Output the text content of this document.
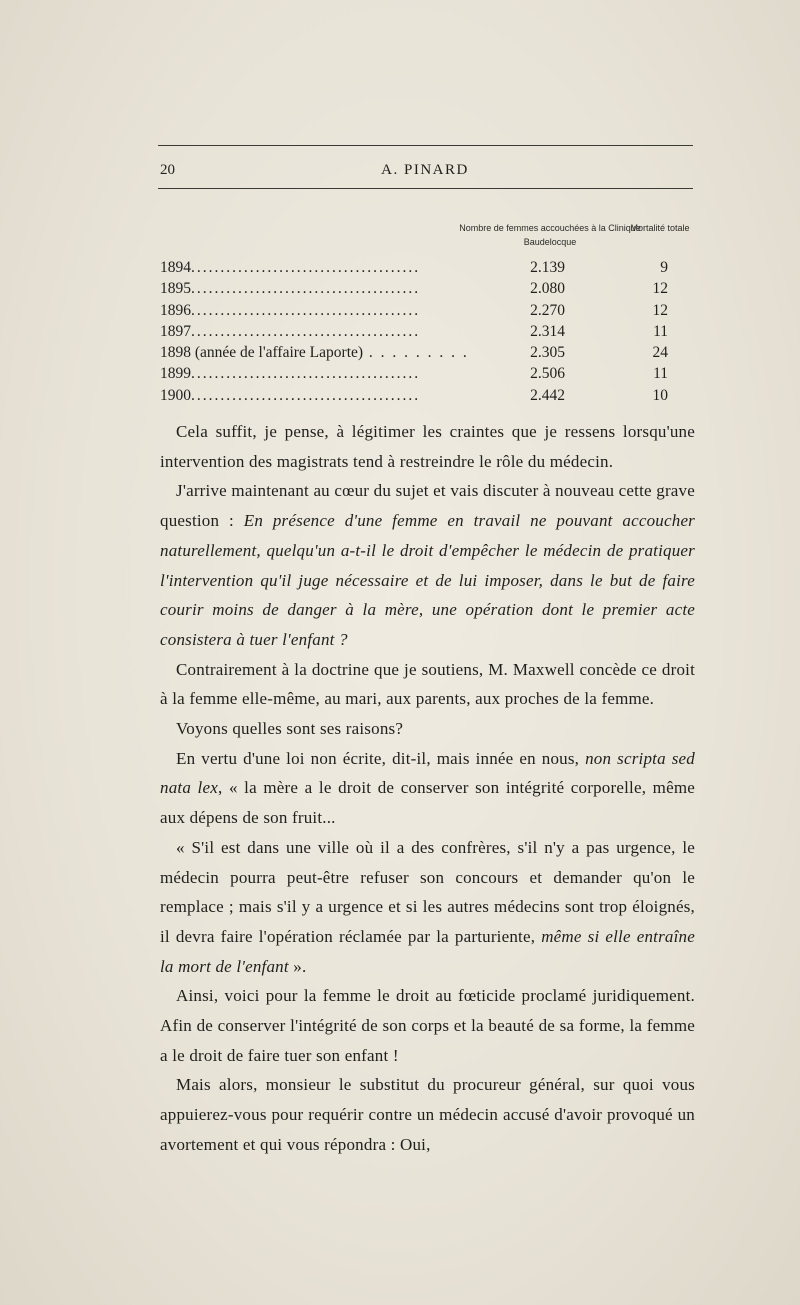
20	A. PINARD
Nombre de femmes accouchées à la Clinique Baudelocque
Mortalité totale
1894.......................................	2.139	9
1895.......................................	2.080	12
1896.......................................	2.270	12
1897.......................................	2.314	11
1898 (année de l'affaire Laporte) . . . . . . . . .	2.305	24
1899.......................................	2.506	11
1900.......................................	2.442	10

Cela suffit, je pense, à légitimer les craintes que je ressens lorsqu'une intervention des magistrats tend à restreindre le rôle du médecin.

J'arrive maintenant au cœur du sujet et vais discuter à nouveau cette grave question : En présence d'une femme en travail ne pouvant accoucher naturellement, quelqu'un a-t-il le droit d'empêcher le médecin de pratiquer l'intervention qu'il juge nécessaire et de lui imposer, dans le but de faire courir moins de danger à la mère, une opération dont le premier acte consistera à tuer l'enfant ?

Contrairement à la doctrine que je soutiens, M. Maxwell concède ce droit à la femme elle-même, au mari, aux parents, aux proches de la femme.

Voyons quelles sont ses raisons?

En vertu d'une loi non écrite, dit-il, mais innée en nous, non scripta sed nata lex, « la mère a le droit de conserver son intégrité corporelle, même aux dépens de son fruit...

« S'il est dans une ville où il a des confrères, s'il n'y a pas urgence, le médecin pourra peut-être refuser son concours et demander qu'on le remplace ; mais s'il y a urgence et si les autres médecins sont trop éloignés, il devra faire l'opération réclamée par la parturiente, même si elle entraîne la mort de l'enfant ».

Ainsi, voici pour la femme le droit au fœticide proclamé juridiquement. Afin de conserver l'intégrité de son corps et la beauté de sa forme, la femme a le droit de faire tuer son enfant !

Mais alors, monsieur le substitut du procureur général, sur quoi vous appuierez-vous pour requérir contre un médecin accusé d'avoir provoqué un avortement et qui vous répondra : Oui,
